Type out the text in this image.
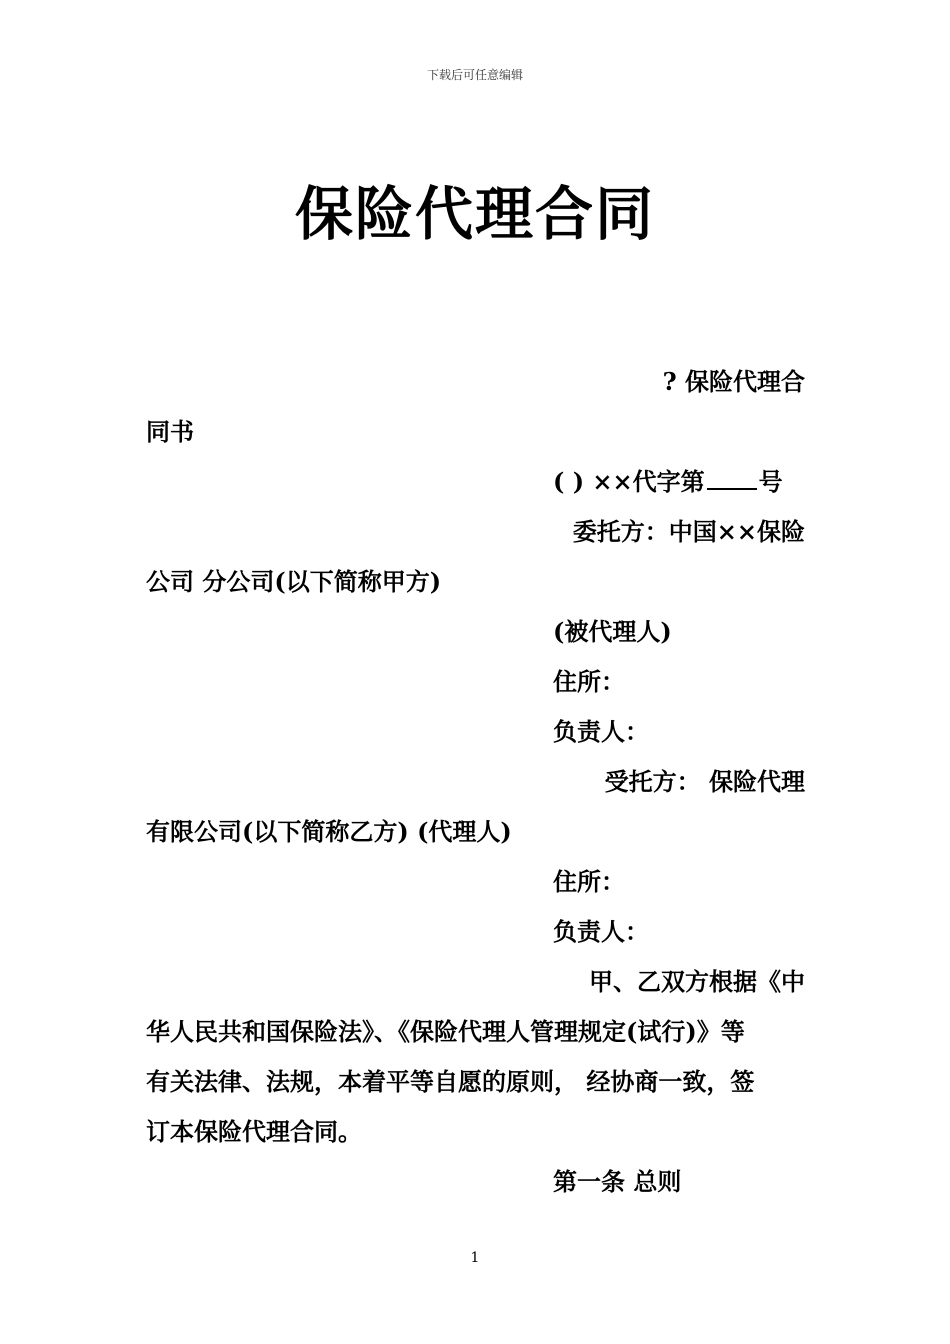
下载后可任意编辑
保险代理合同
? 保险代理合
同书
( ) ××代字第 号
委托方：中国××保险
公司 分公司(以下简称甲方)
(被代理人)
住所：
负责人：
受托方： 保险代理
有限公司(以下简称乙方) (代理人)
住所：
负责人：
甲、乙双方根据《中
华人民共和国保险法》、《保险代理人管理规定(试行)》等
有关法律、法规，本着平等自愿的原则， 经协商一致，签
订本保险代理合同。
第一条 总则
1
